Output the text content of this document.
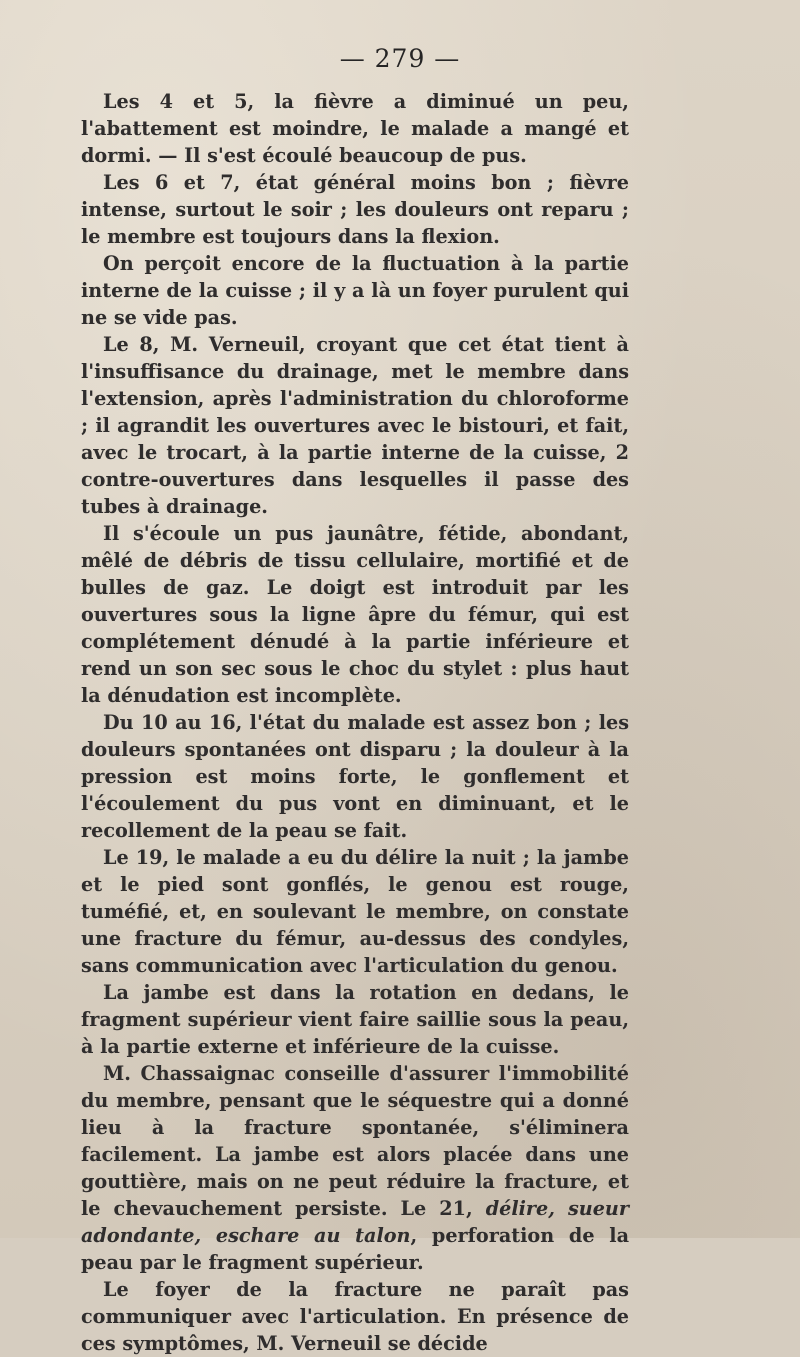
— 279 —

Les 4 et 5, la fièvre a diminué un peu, l'abattement est moindre, le malade a mangé et dormi. — Il s'est écoulé beaucoup de pus.

Les 6 et 7, état général moins bon ; fièvre intense, surtout le soir ; les douleurs ont reparu ; le membre est toujours dans la flexion.

On perçoit encore de la fluctuation à la partie interne de la cuisse ; il y a là un foyer purulent qui ne se vide pas.

Le 8, M. Verneuil, croyant que cet état tient à l'insuffisance du drainage, met le membre dans l'extension, après l'administration du chloroforme ; il agrandit les ouvertures avec le bistouri, et fait, avec le trocart, à la partie interne de la cuisse, 2 contre-ouvertures dans lesquelles il passe des tubes à drainage.

Il s'écoule un pus jaunâtre, fétide, abondant, mêlé de débris de tissu cellulaire, mortifié et de bulles de gaz. Le doigt est introduit par les ouvertures sous la ligne âpre du fémur, qui est complétement dénudé à la partie inférieure et rend un son sec sous le choc du stylet : plus haut la dénudation est incomplète.

Du 10 au 16, l'état du malade est assez bon ; les douleurs spontanées ont disparu ; la douleur à la pression est moins forte, le gonflement et l'écoulement du pus vont en diminuant, et le recollement de la peau se fait.

Le 19, le malade a eu du délire la nuit ; la jambe et le pied sont gonflés, le genou est rouge, tuméfié, et, en soulevant le membre, on constate une fracture du fémur, au-dessus des condyles, sans communication avec l'articulation du genou.

La jambe est dans la rotation en dedans, le fragment supérieur vient faire saillie sous la peau, à la partie externe et inférieure de la cuisse.

M. Chassaignac conseille d'assurer l'immobilité du membre, pensant que le séquestre qui a donné lieu à la fracture spontanée, s'éliminera facilement. La jambe est alors placée dans une gouttière, mais on ne peut réduire la fracture, et le chevauchement persiste. Le 21, délire, sueur adondante, eschare au talon, perforation de la peau par le fragment supérieur.

Le foyer de la fracture ne paraît pas communiquer avec l'articulation. En présence de ces symptômes, M. Verneuil se décide
